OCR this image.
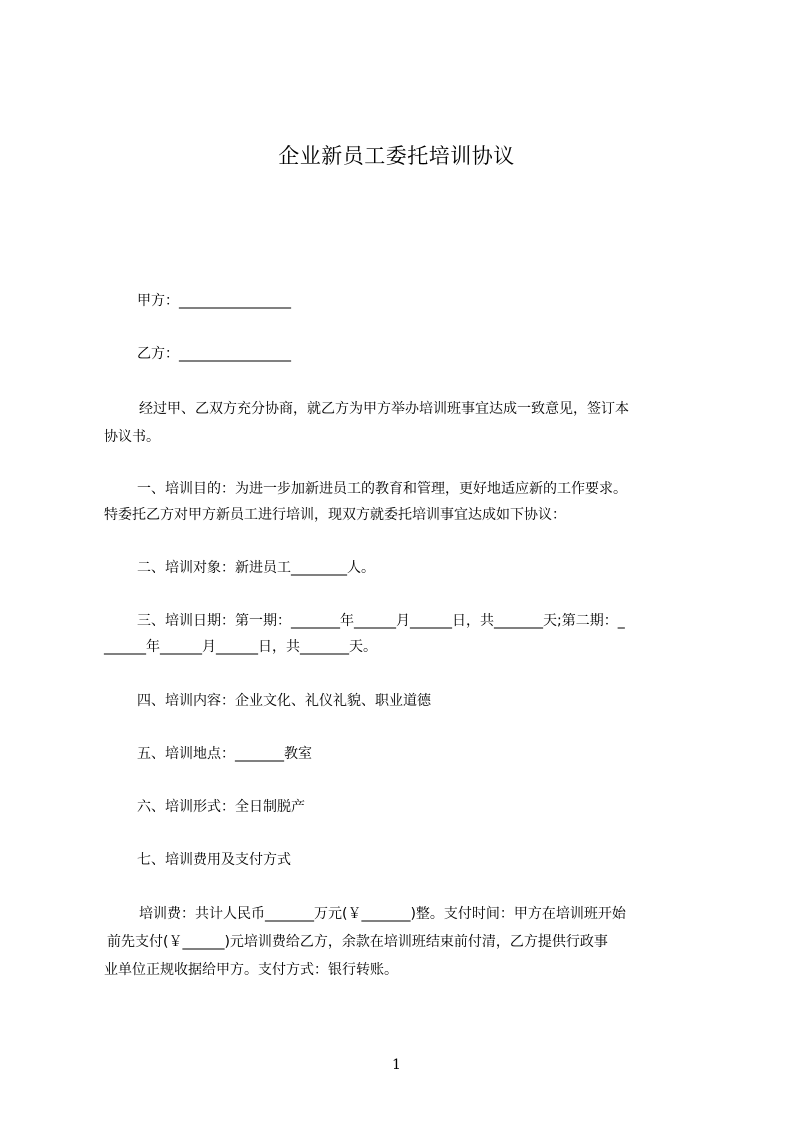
企业新员工委托培训协议
甲方：________________
乙方：________________
经过甲、乙双方充分协商，就乙方为甲方举办培训班事宜达成一致意见，签订本
协议书。
一、培训目的：为进一步加新进员工的教育和管理，更好地适应新的工作要求。
特委托乙方对甲方新员工进行培训，现双方就委托培训事宜达成如下协议：
二、培训对象：新进员工________人。
三、培训日期：第一期：_______年______月______日，共_______天;第二期：_
______年______月______日，共_______天。
四、培训内容：企业文化、礼仪礼貌、职业道德
五、培训地点：_______教室
六、培训形式：全日制脱产
七、培训费用及支付方式
培训费：共计人民币_______万元(￥_______)整。支付时间：甲方在培训班开始
前先支付(￥______)元培训费给乙方，余款在培训班结束前付清，乙方提供行政事
业单位正规收据给甲方。支付方式：银行转账。
1
